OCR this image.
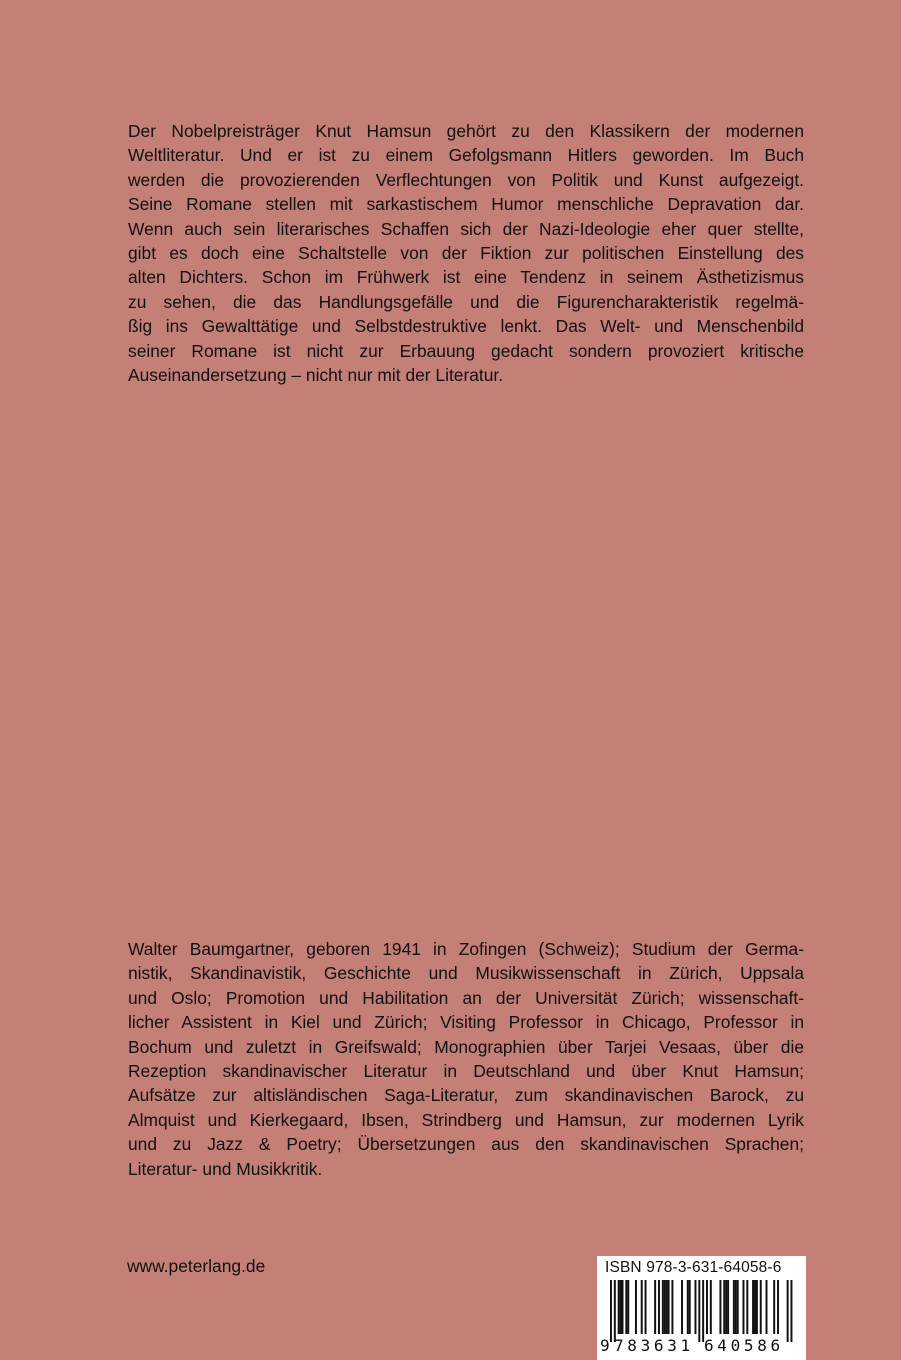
Der Nobelpreisträger Knut Hamsun gehört zu den Klassikern der modernen
Weltliteratur. Und er ist zu einem Gefolgsmann Hitlers geworden. Im Buch
werden die provozierenden Verflechtungen von Politik und Kunst aufgezeigt.
Seine Romane stellen mit sarkastischem Humor menschliche Depravation dar.
Wenn auch sein literarisches Schaffen sich der Nazi-Ideologie eher quer stellte,
gibt es doch eine Schaltstelle von der Fiktion zur politischen Einstellung des
alten Dichters. Schon im Frühwerk ist eine Tendenz in seinem Ästhetizismus
zu sehen, die das Handlungsgefälle und die Figurencharakteristik regelmä-
ßig ins Gewalttätige und Selbstdestruktive lenkt. Das Welt- und Menschenbild
seiner Romane ist nicht zur Erbauung gedacht sondern provoziert kritische
Auseinandersetzung – nicht nur mit der Literatur.
Walter Baumgartner, geboren 1941 in Zofingen (Schweiz); Studium der Germa-
nistik, Skandinavistik, Geschichte und Musikwissenschaft in Zürich, Uppsala
und Oslo; Promotion und Habilitation an der Universität Zürich; wissenschaft-
licher Assistent in Kiel und Zürich; Visiting Professor in Chicago, Professor in
Bochum und zuletzt in Greifswald; Monographien über Tarjei Vesaas, über die
Rezeption skandinavischer Literatur in Deutschland und über Knut Hamsun;
Aufsätze zur altisländischen Saga-Literatur, zum skandinavischen Barock, zu
Almquist und Kierkegaard, Ibsen, Strindberg und Hamsun, zur modernen Lyrik
und zu Jazz & Poetry; Übersetzungen aus den skandinavischen Sprachen;
Literatur- und Musikkritik.
www.peterlang.de	ISBN 978-3-631-64058-6
9 7 8 3 6 3 1 6 4 0 5 8 6
